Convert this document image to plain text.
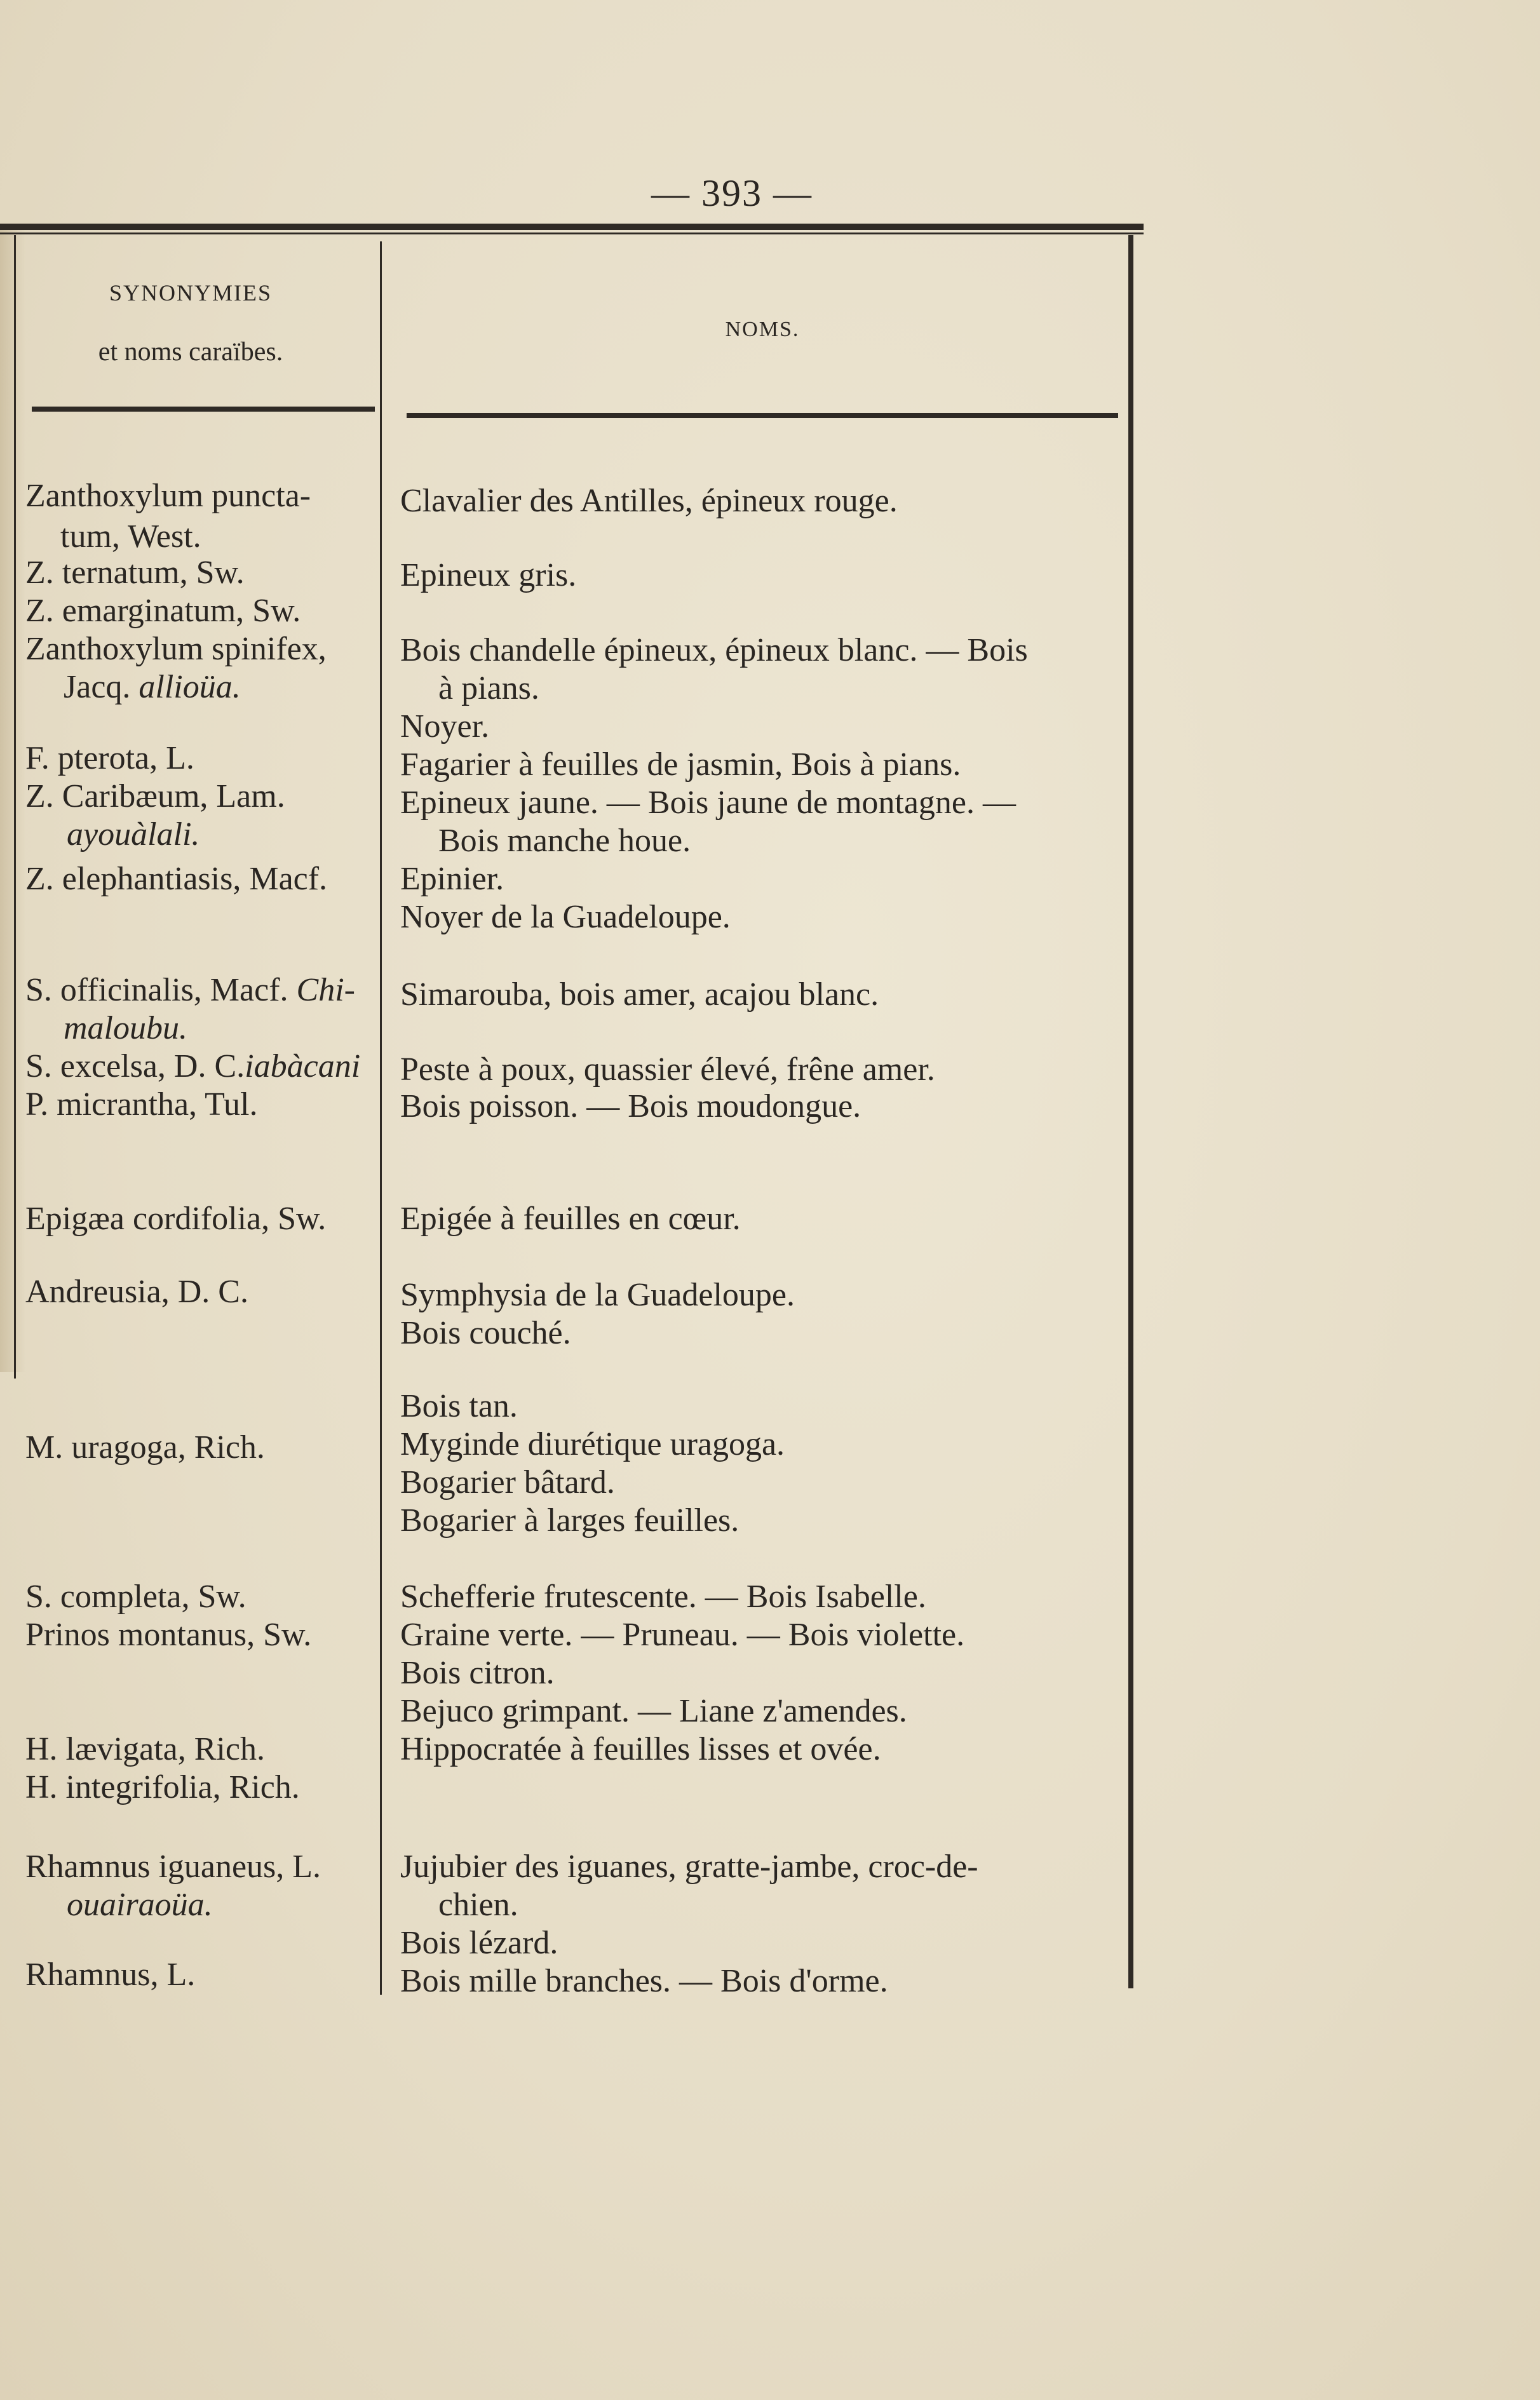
— 393 —
SYNONYMIES
et noms caraïbes.
NOMS.
Zanthoxylum puncta-
tum, West.
Z. ternatum, Sw.
Z. emarginatum, Sw.
Zanthoxylum spinifex,
Jacq. allioüa.
F. pterota, L.
Z. Caribæum, Lam.
ayouàlali.
Z. elephantiasis, Macf.
S. officinalis, Macf. Chi-
maloubu.
S. excelsa, D. C.iabàcani
P. micrantha, Tul.
Epigæa cordifolia, Sw.
Andreusia, D. C.
M. uragoga, Rich.
S. completa, Sw.
Prinos montanus, Sw.
H. lævigata, Rich.
H. integrifolia, Rich.
Rhamnus iguaneus, L.
ouairaoüa.
Rhamnus, L.
Clavalier des Antilles, épineux rouge.
Epineux gris.
Bois chandelle épineux, épineux blanc. — Bois
à pians.
Noyer.
Fagarier à feuilles de jasmin, Bois à pians.
Epineux jaune. — Bois jaune de montagne. —
Bois manche houe.
Epinier.
Noyer de la Guadeloupe.
Simarouba, bois amer, acajou blanc.
Peste à poux, quassier élevé, frêne amer.
Bois poisson. — Bois moudongue.
Epigée à feuilles en cœur.
Symphysia de la Guadeloupe.
Bois couché.
Bois tan.
Myginde diurétique uragoga.
Bogarier bâtard.
Bogarier à larges feuilles.
Schefferie frutescente. — Bois Isabelle.
Graine verte. — Pruneau. — Bois violette.
Bois citron.
Bejuco grimpant. — Liane z'amendes.
Hippocratée à feuilles lisses et ovée.
Jujubier des iguanes, gratte-jambe, croc-de-
chien.
Bois lézard.
Bois mille branches. — Bois d'orme.
